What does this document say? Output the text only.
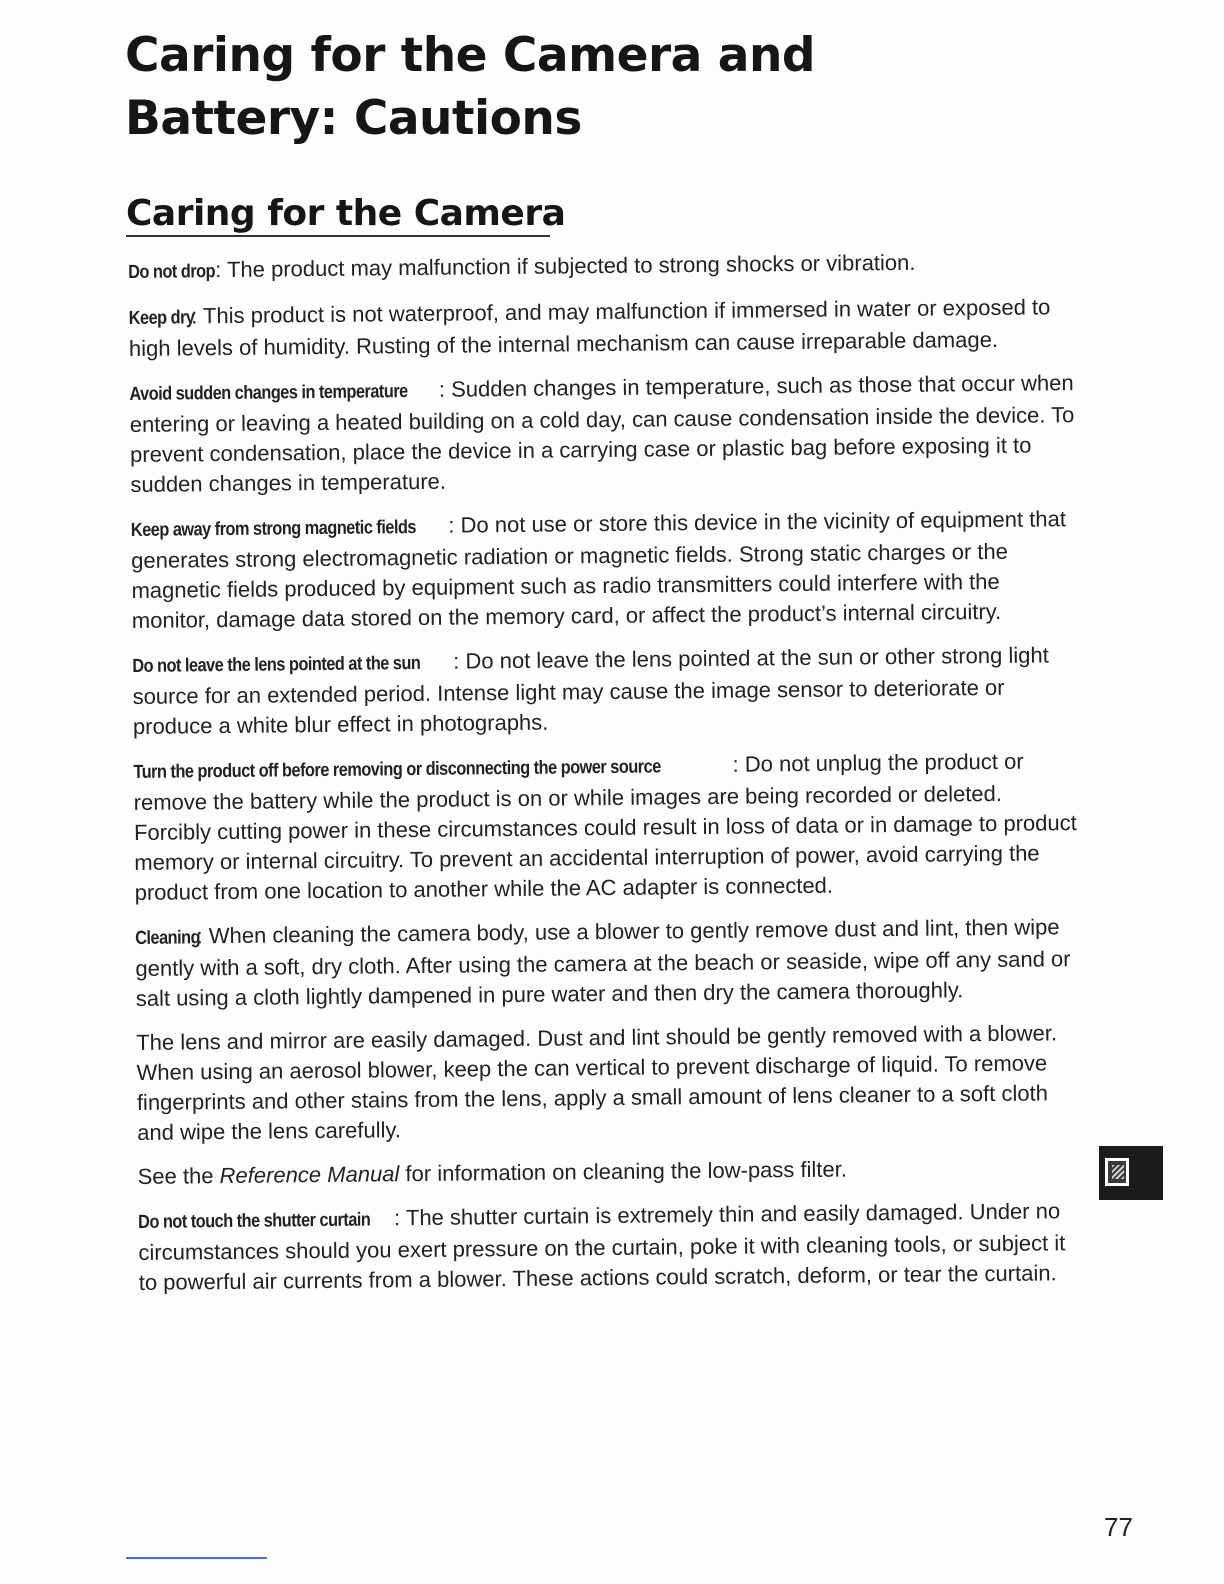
Caring for the Camera and Battery: Cautions
Caring for the Camera

Do not drop: The product may malfunction if subjected to strong shocks or vibration.

Keep dry: This product is not waterproof, and may malfunction if immersed in water or exposed to high levels of humidity. Rusting of the internal mechanism can cause irreparable damage.

Avoid sudden changes in temperature : Sudden changes in temperature, such as those that occur when entering or leaving a heated building on a cold day, can cause condensation inside the device. To prevent condensation, place the device in a carrying case or plastic bag before exposing it to sudden changes in temperature.

Keep away from strong magnetic fields : Do not use or store this device in the vicinity of equipment that generates strong electromagnetic radiation or magnetic fields. Strong static charges or the magnetic fields produced by equipment such as radio transmitters could interfere with the monitor, damage data stored on the memory card, or affect the product’s internal circuitry.

Do not leave the lens pointed at the sun : Do not leave the lens pointed at the sun or other strong light source for an extended period. Intense light may cause the image sensor to deteriorate or produce a white blur effect in photographs.

Turn the product off before removing or disconnecting the power source	: Do not unplug the product or remove the battery while the product is on or while images are being recorded or deleted. Forcibly cutting power in these circumstances could result in loss of data or in damage to product memory or internal circuitry. To prevent an accidental interruption of power, avoid carrying the product from one location to another while the AC adapter is connected.

Cleaning: When cleaning the camera body, use a blower to gently remove dust and lint, then wipe gently with a soft, dry cloth. After using the camera at the beach or seaside, wipe off any sand or salt using a cloth lightly dampened in pure water and then dry the camera thoroughly.

The lens and mirror are easily damaged. Dust and lint should be gently removed with a blower. When using an aerosol blower, keep the can vertical to prevent discharge of liquid. To remove fingerprints and other stains from the lens, apply a small amount of lens cleaner to a soft cloth and wipe the lens carefully.

See the Reference Manual for information on cleaning the low-pass filter.

Do not touch the shutter curtain : The shutter curtain is extremely thin and easily damaged. Under no circumstances should you exert pressure on the curtain, poke it with cleaning tools, or subject it to powerful air currents from a blower. These actions could scratch, deform, or tear the curtain.

77
